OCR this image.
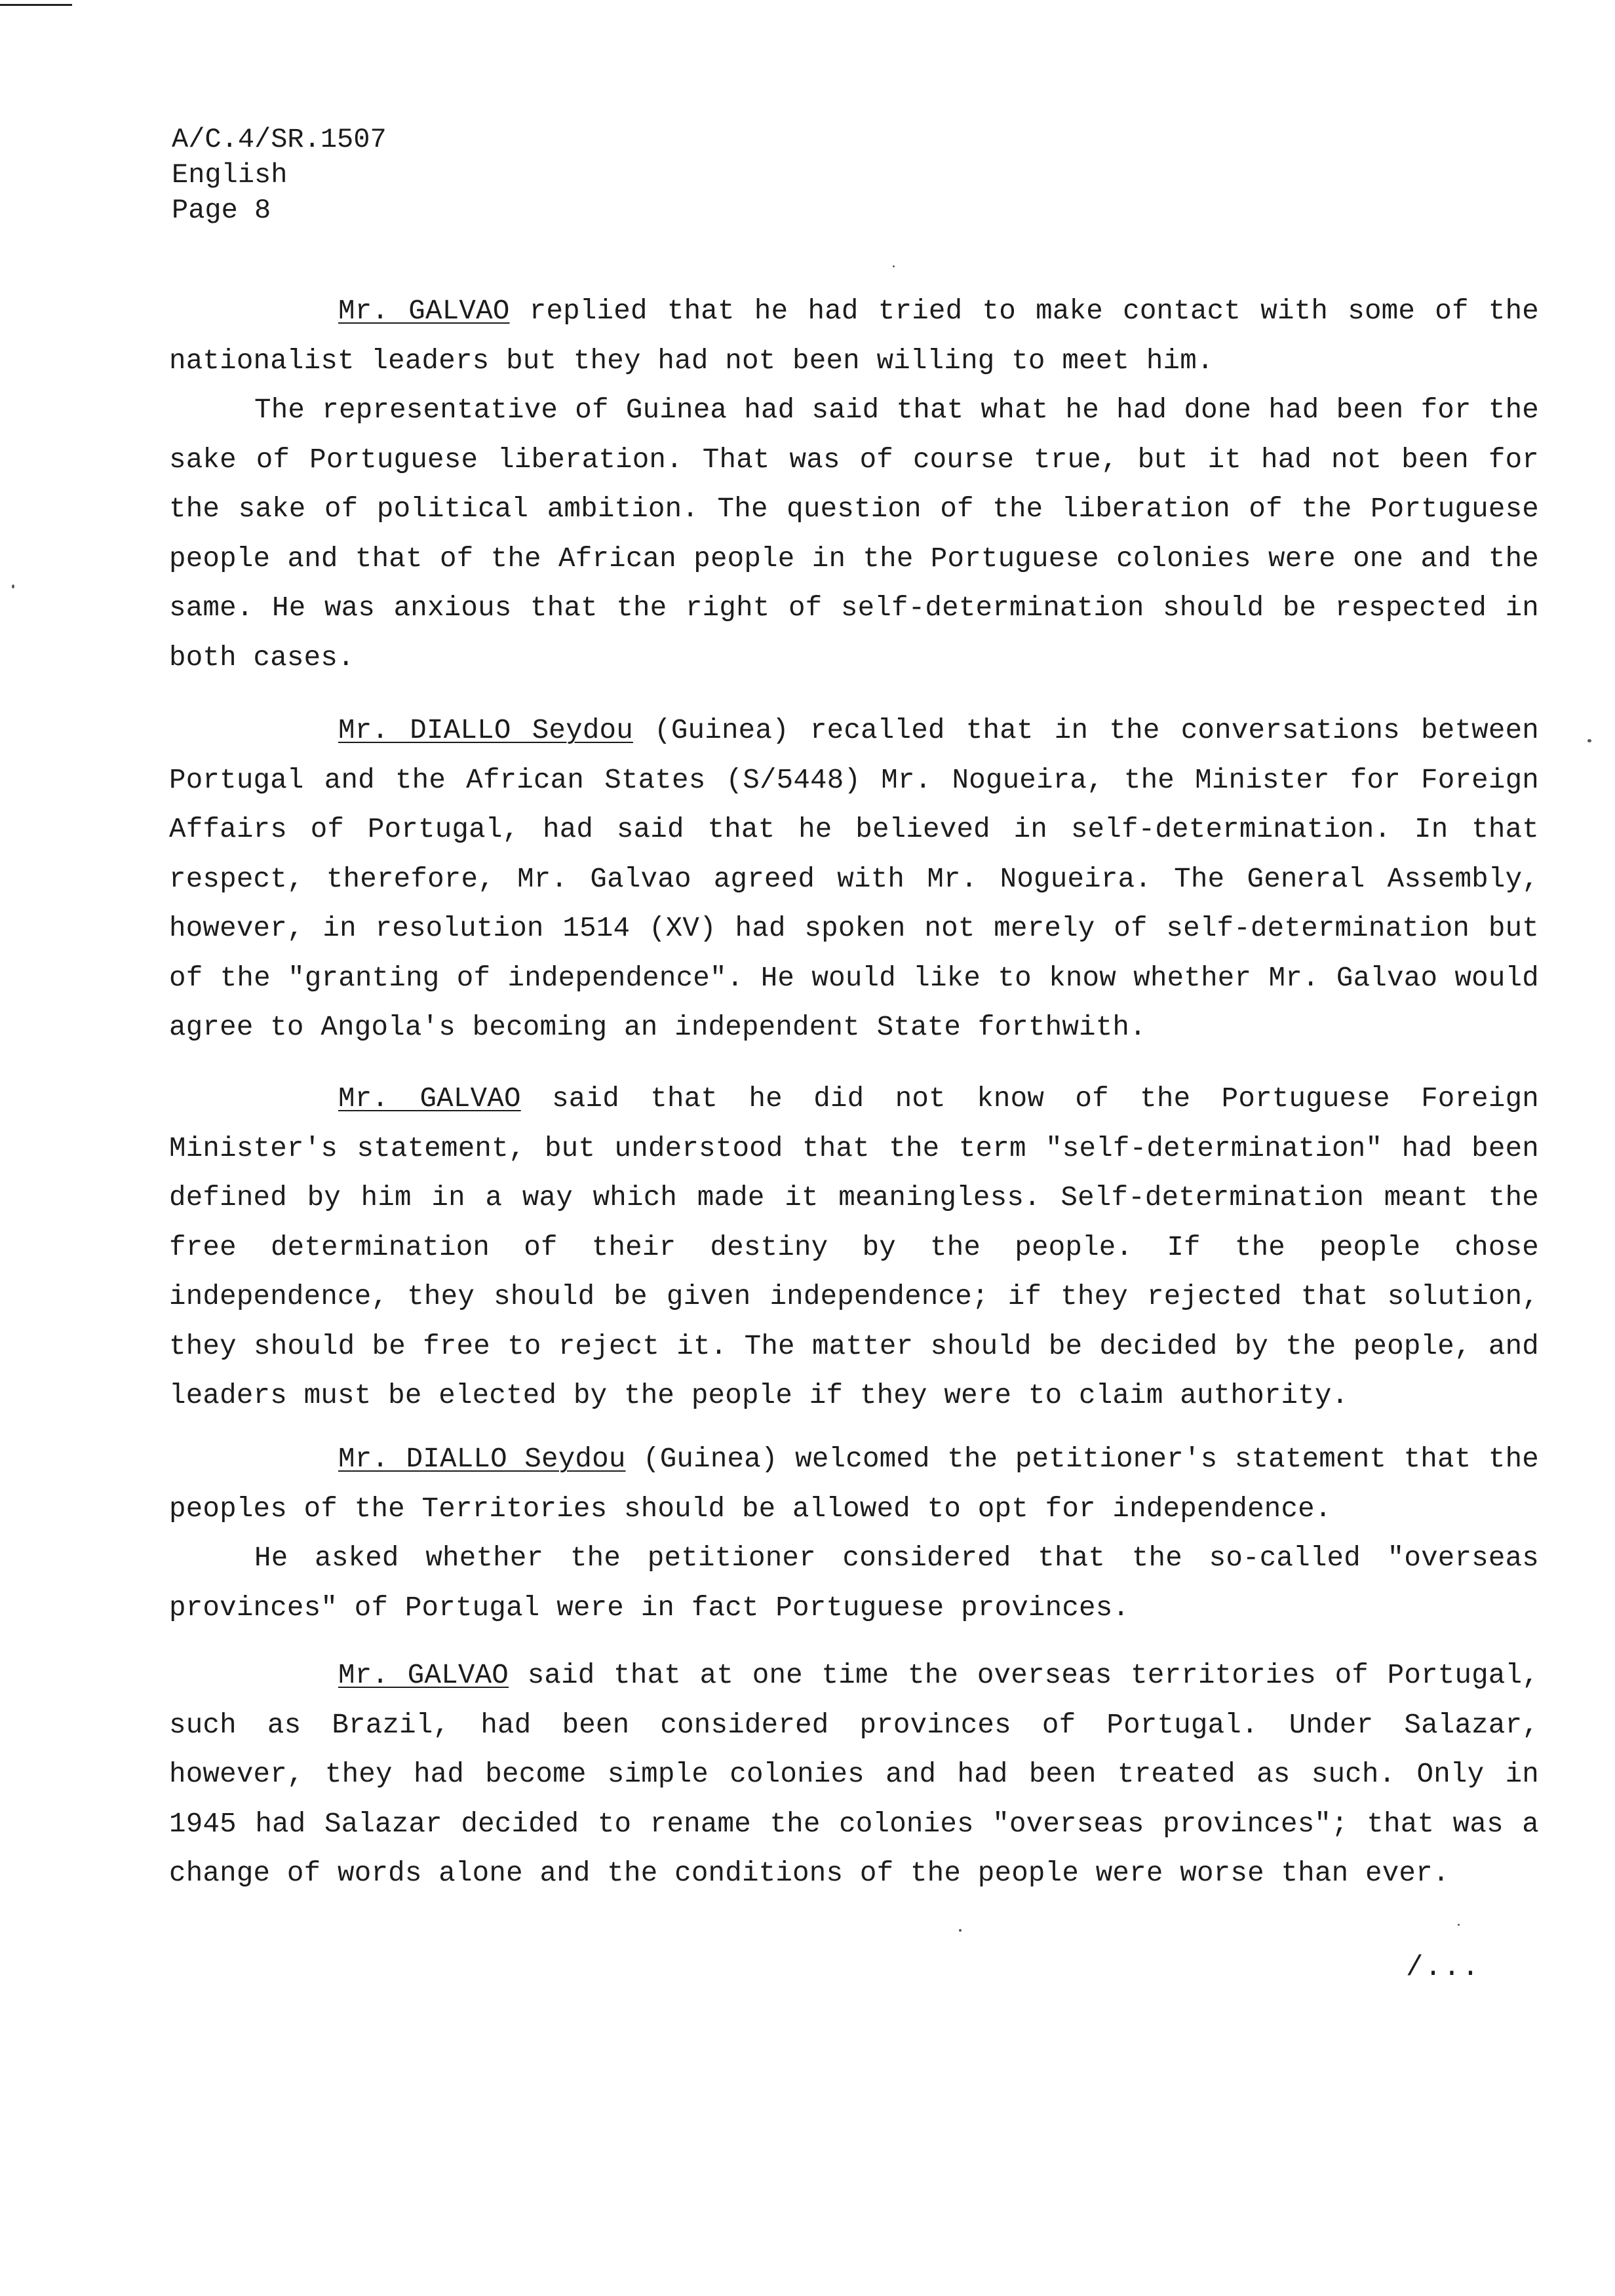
A/C.4/SR.1507
English
Page 8

Mr. GALVAO replied that he had tried to make contact with some of the nationalist leaders but they had not been willing to meet him.

The representative of Guinea had said that what he had done had been for the sake of Portuguese liberation. That was of course true, but it had not been for the sake of political ambition. The question of the liberation of the Portuguese people and that of the African people in the Portuguese colonies were one and the same. He was anxious that the right of self-determination should be respected in both cases.

Mr. DIALLO Seydou (Guinea) recalled that in the conversations between Portugal and the African States (S/5448) Mr. Nogueira, the Minister for Foreign Affairs of Portugal, had said that he believed in self-determination. In that respect, therefore, Mr. Galvao agreed with Mr. Nogueira. The General Assembly, however, in resolution 1514 (XV) had spoken not merely of self-determination but of the "granting of independence". He would like to know whether Mr. Galvao would agree to Angola's becoming an independent State forthwith.

Mr. GALVAO said that he did not know of the Portuguese Foreign Minister's statement, but understood that the term "self-determination" had been defined by him in a way which made it meaningless. Self-determination meant the free determination of their destiny by the people. If the people chose independence, they should be given independence; if they rejected that solution, they should be free to reject it. The matter should be decided by the people, and leaders must be elected by the people if they were to claim authority.

Mr. DIALLO Seydou (Guinea) welcomed the petitioner's statement that the peoples of the Territories should be allowed to opt for independence.

He asked whether the petitioner considered that the so-called "overseas provinces" of Portugal were in fact Portuguese provinces.

Mr. GALVAO said that at one time the overseas territories of Portugal, such as Brazil, had been considered provinces of Portugal. Under Salazar, however, they had become simple colonies and had been treated as such. Only in 1945 had Salazar decided to rename the colonies "overseas provinces"; that was a change of words alone and the conditions of the people were worse than ever.

/...
